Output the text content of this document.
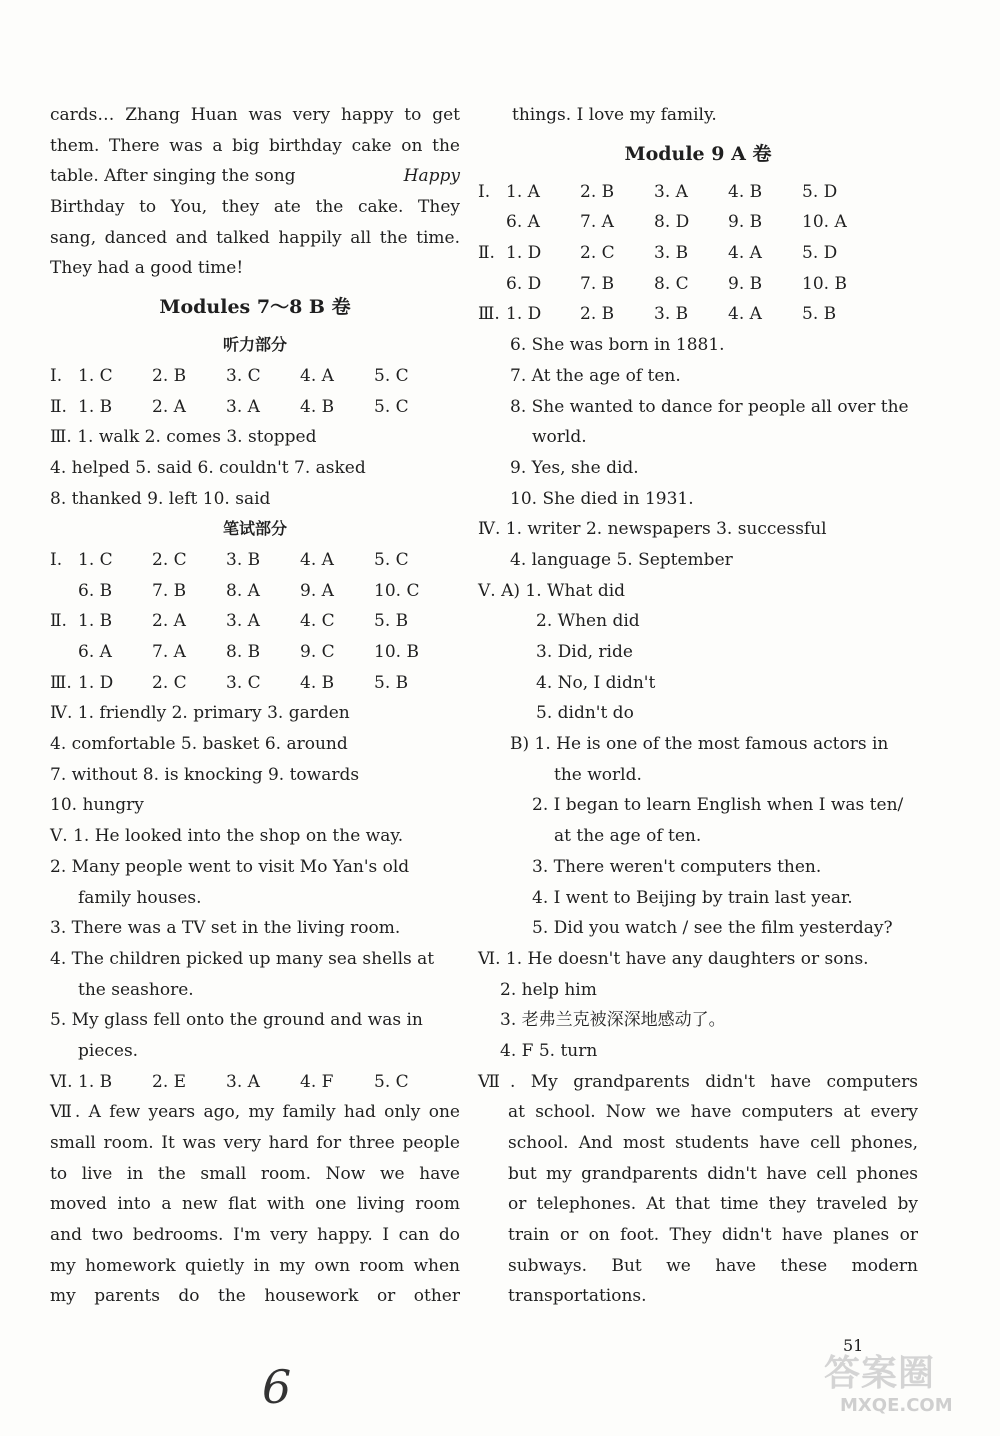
cards… Zhang Huan was very happy to get
them. There was a big birthday cake on the
table. After singing the song	Happy
Birthday to You, they ate the cake. They
sang, danced and talked happily all the time.
They had a good time!
Modules 7～8 B 卷
听力部分
Ⅰ. 1. C	2. B	3. C	4. A	5. C
Ⅱ. 1. B	2. A	3. A	4. B	5. C
Ⅲ. 1. walk 2. comes 3. stopped
4. helped 5. said 6. couldn't 7. asked
8. thanked 9. left 10. said
笔试部分
Ⅰ. 1. C	2. C	3. B	4. A	5. C
6. B	7. B	8. A	9. A	10. C
Ⅱ. 1. B	2. A	3. A	4. C	5. B
6. A	7. A	8. B	9. C	10. B
Ⅲ. 1. D	2. C	3. C	4. B	5. B
Ⅳ. 1. friendly 2. primary 3. garden
4. comfortable 5. basket 6. around
7. without 8. is knocking 9. towards
10. hungry
Ⅴ. 1. He looked into the shop on the way.
2. Many people went to visit Mo Yan's old
family houses.
3. There was a TV set in the living room.
4. The children picked up many sea shells at
the seashore.
5. My glass fell onto the ground and was in
pieces.
Ⅵ. 1. B	2. E	3. A	4. F	5. C
Ⅶ. A few years ago, my family had only one
small room. It was very hard for three people
to live in the small room. Now we have
moved into a new flat with one living room
and two bedrooms. I'm very happy. I can do
my homework quietly in my own room when
my parents do the housework or other
things. I love my family.
Module 9 A 卷
Ⅰ. 1. A	2. B	3. A	4. B	5. D
6. A	7. A	8. D	9. B	10. A
Ⅱ. 1. D	2. C	3. B	4. A	5. D
6. D	7. B	8. C	9. B	10. B
Ⅲ. 1. D	2. B	3. B	4. A	5. B
6. She was born in 1881.
7. At the age of ten.
8. She wanted to dance for people all over the
world.
9. Yes, she did.
10. She died in 1931.
Ⅳ. 1. writer 2. newspapers 3. successful
4. language 5. September
Ⅴ. A) 1. What did
2. When did
3. Did, ride
4. No, I didn't
5. didn't do
B) 1. He is one of the most famous actors in
the world.
2. I began to learn English when I was ten/
at the age of ten.
3. There weren't computers then.
4. I went to Beijing by train last year.
5. Did you watch / see the film yesterday?
Ⅵ. 1. He doesn't have any daughters or sons.
2. help him
3. 老弗兰克被深深地感动了。
4. F 5. turn
Ⅶ. My grandparents didn't have computers
at school. Now we have computers at every
school. And most students have cell phones,
but my grandparents didn't have cell phones
or telephones. At that time they traveled by
train or on foot. They didn't have planes or
subways. But we have these modern
transportations.
51
6	答案圈
MXQE.COM
